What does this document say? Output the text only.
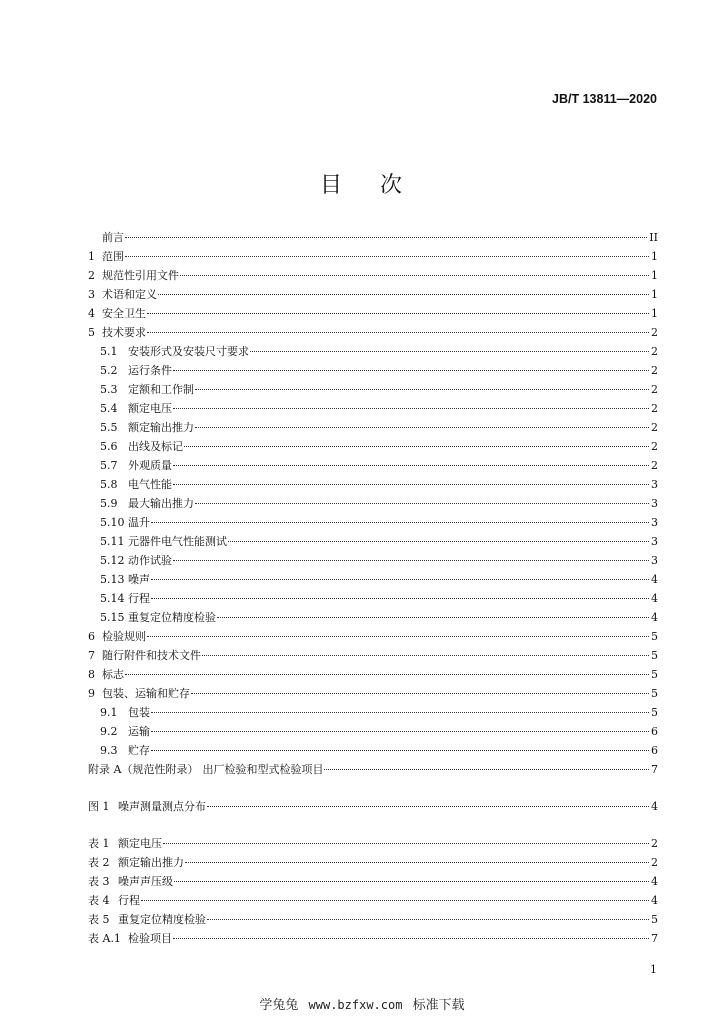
JB/T 13811—2020
目 次
前言	II
1 范围	1
2 规范性引用文件	1
3 术语和定义	1
4 安全卫生	1
5 技术要求	2
5.1 安装形式及安装尺寸要求	2
5.2 运行条件	2
5.3 定额和工作制	2
5.4 额定电压	2
5.5 额定输出推力	2
5.6 出线及标记	2
5.7 外观质量	2
5.8 电气性能	3
5.9 最大输出推力	3
5.10 温升	3
5.11 元器件电气性能测试	3
5.12 动作试验	3
5.13 噪声	4
5.14 行程	4
5.15 重复定位精度检验	4
6 检验规则	5
7 随行附件和技术文件	5
8 标志	5
9 包装、运输和贮存	5
9.1 包装	5
9.2 运输	6
9.3 贮存	6
附录 A（规范性附录） 出厂检验和型式检验项目	7
图 1 噪声测量测点分布	4
表 1 额定电压	2
表 2 额定输出推力	2
表 3 噪声声压级	4
表 4 行程	4
表 5 重复定位精度检验	5
表 A.1 检验项目	7
1
学兔兔 www.bzfxw.com 标准下载
